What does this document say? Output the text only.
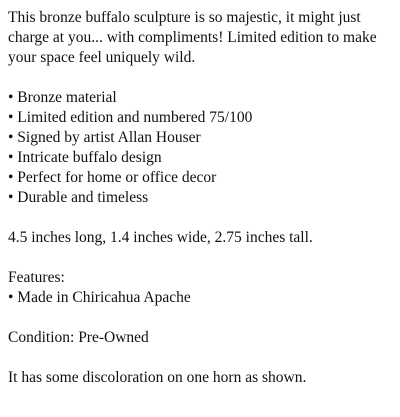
This bronze buffalo sculpture is so majestic, it might just charge at you... with compliments! Limited edition to make your space feel uniquely wild.

• Bronze material
• Limited edition and numbered 75/100
• Signed by artist Allan Houser
• Intricate buffalo design
• Perfect for home or office decor
• Durable and timeless

4.5 inches long, 1.4 inches wide, 2.75 inches tall.

Features:

• Made in Chiricahua Apache

Condition: Pre-Owned

It has some discoloration on one horn as shown.
